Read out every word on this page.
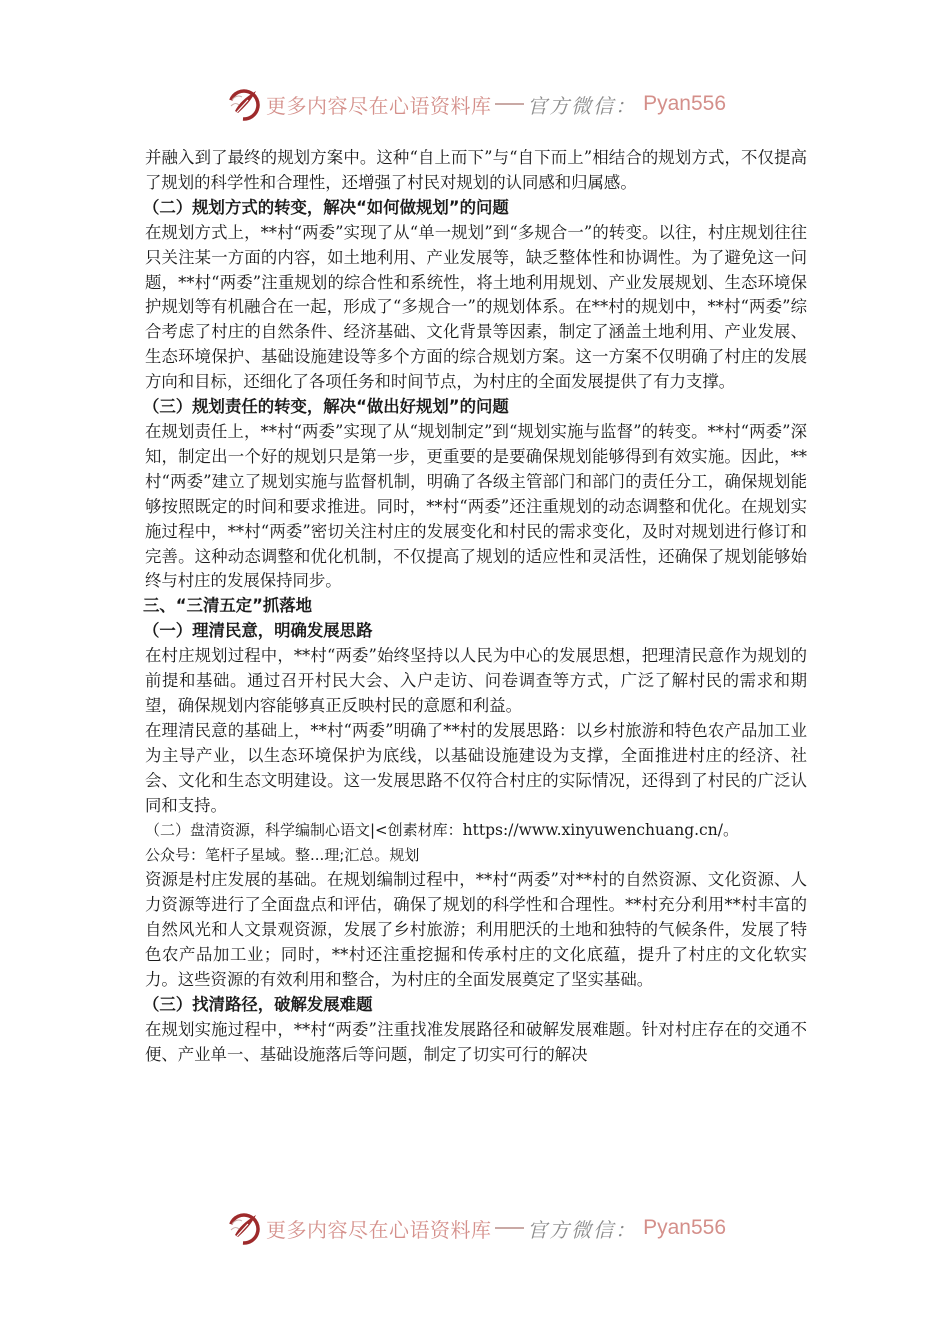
更多内容尽在心语资料库 官方微信： Pyan556

并融入到了最终的规划方案中。这种“自上而下”与“自下而上”相结合的规划方式，不仅提高了规划的科学性和合理性，还增强了村民对规划的认同感和归属感。

（二）规划方式的转变，解决“如何做规划”的问题

在规划方式上，**村“两委”实现了从“单一规划”到“多规合一”的转变。以往，村庄规划往往只关注某一方面的内容，如土地利用、产业发展等，缺乏整体性和协调性。为了避免这一问题，**村“两委”注重规划的综合性和系统性，将土地利用规划、产业发展规划、生态环境保护规划等有机融合在一起，形成了“多规合一”的规划体系。在**村的规划中，**村“两委”综合考虑了村庄的自然条件、经济基础、文化背景等因素，制定了涵盖土地利用、产业发展、生态环境保护、基础设施建设等多个方面的综合规划方案。这一方案不仅明确了村庄的发展方向和目标，还细化了各项任务和时间节点，为村庄的全面发展提供了有力支撑。

（三）规划责任的转变，解决“做出好规划”的问题

在规划责任上，**村“两委”实现了从“规划制定”到“规划实施与监督”的转变。**村“两委”深知，制定出一个好的规划只是第一步，更重要的是要确保规划能够得到有效实施。因此，**村“两委”建立了规划实施与监督机制，明确了各级主管部门和部门的责任分工，确保规划能够按照既定的时间和要求推进。同时，**村“两委”还注重规划的动态调整和优化。在规划实施过程中，**村“两委”密切关注村庄的发展变化和村民的需求变化，及时对规划进行修订和完善。这种动态调整和优化机制，不仅提高了规划的适应性和灵活性，还确保了规划能够始终与村庄的发展保持同步。

三、“三清五定”抓落地

（一）理清民意，明确发展思路

在村庄规划过程中，**村“两委”始终坚持以人民为中心的发展思想，把理清民意作为规划的前提和基础。通过召开村民大会、入户走访、问卷调查等方式，广泛了解村民的需求和期望，确保规划内容能够真正反映村民的意愿和利益。

在理清民意的基础上，**村“两委”明确了**村的发展思路：以乡村旅游和特色农产品加工业为主导产业，以生态环境保护为底线，以基础设施建设为支撑，全面推进村庄的经济、社会、文化和生态文明建设。这一发展思路不仅符合村庄的实际情况，还得到了村民的广泛认同和支持。

（二）盘清资源，科学编制心语文|<创素材库：https://www.xinyuwenchuang.cn/。

公众号：笔杆子星域。整...理;汇总。规划

资源是村庄发展的基础。在规划编制过程中，**村“两委”对**村的自然资源、文化资源、人力资源等进行了全面盘点和评估，确保了规划的科学性和合理性。**村充分利用**村丰富的自然风光和人文景观资源，发展了乡村旅游；利用肥沃的土地和独特的气候条件，发展了特色农产品加工业；同时，**村还注重挖掘和传承村庄的文化底蕴，提升了村庄的文化软实力。这些资源的有效利用和整合，为村庄的全面发展奠定了坚实基础。

（三）找清路径，破解发展难题

在规划实施过程中，**村“两委”注重找准发展路径和破解发展难题。针对村庄存在的交通不便、产业单一、基础设施落后等问题，制定了切实可行的解决

更多内容尽在心语资料库 官方微信： Pyan556
